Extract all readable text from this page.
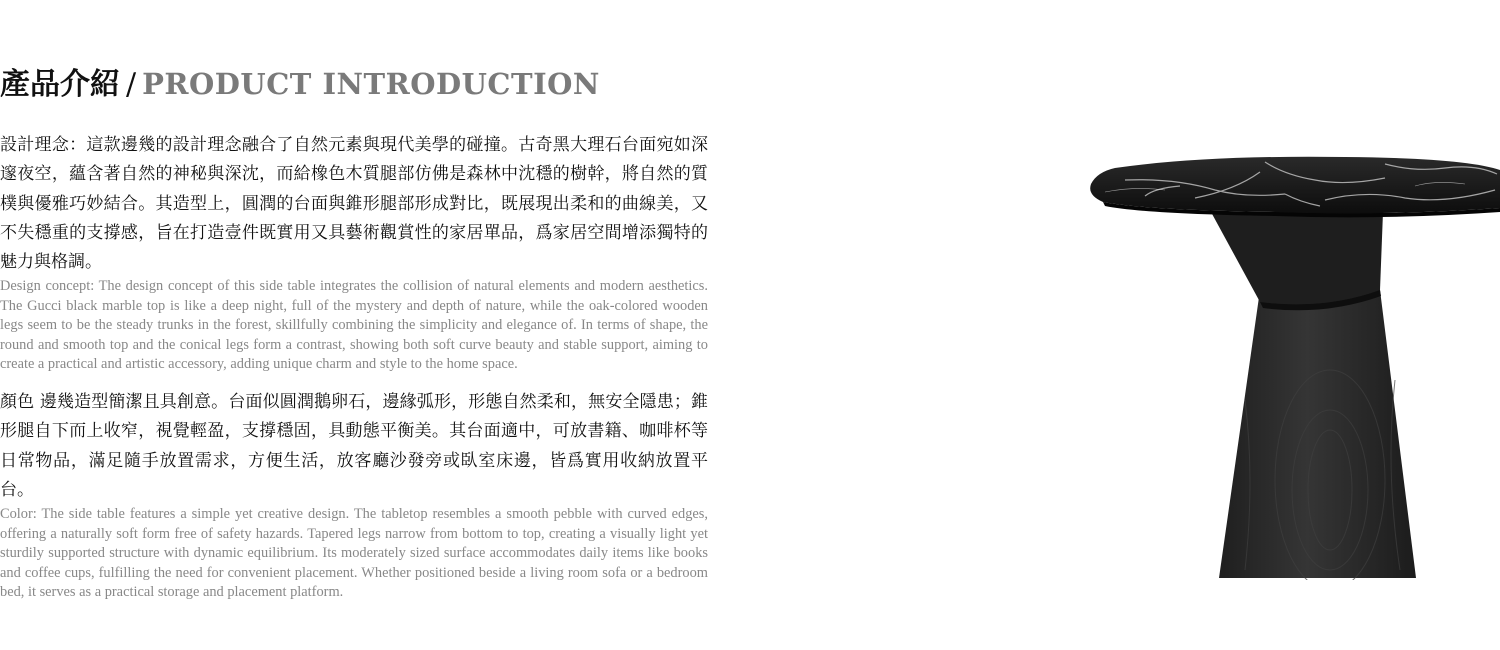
產品介紹 / PRODUCT INTRODUCTION

設計理念：這款邊幾的設計理念融合了自然元素與現代美學的碰撞。古奇黑大理石台面宛如深邃夜空，蘊含著自然的神秘與深沈，而給橡色木質腿部仿佛是森林中沈穩的樹幹，將自然的質樸與優雅巧妙結合。其造型上，圓潤的台面與錐形腿部形成對比，既展現出柔和的曲線美，又不失穩重的支撐感，旨在打造壹件既實用又具藝術觀賞性的家居單品，爲家居空間增添獨特的魅力與格調。

Design concept: The design concept of this side table integrates the collision of natural elements and modern aesthetics. The Gucci black marble top is like a deep night, full of the mystery and depth of nature, while the oak-colored wooden legs seem to be the steady trunks in the forest, skillfully combining the simplicity and elegance of. In terms of shape, the round and smooth top and the conical legs form a contrast, showing both soft curve beauty and stable support, aiming to create a practical and artistic accessory, adding unique charm and style to the home space.

顏色 邊幾造型簡潔且具創意。台面似圓潤鵝卵石，邊緣弧形，形態自然柔和，無安全隱患；錐形腿自下而上收窄，視覺輕盈，支撐穩固，具動態平衡美。其台面適中，可放書籍、咖啡杯等日常物品，滿足隨手放置需求，方便生活，放客廳沙發旁或臥室床邊，皆爲實用收納放置平台。

Color: The side table features a simple yet creative design. The tabletop resembles a smooth pebble with curved edges, offering a naturally soft form free of safety hazards. Tapered legs narrow from bottom to top, creating a visually light yet sturdily supported structure with dynamic equilibrium. Its moderately sized surface accommodates daily items like books and coffee cups, fulfilling the need for convenient placement. Whether positioned beside a living room sofa or a bedroom bed, it serves as a practical storage and placement platform.
